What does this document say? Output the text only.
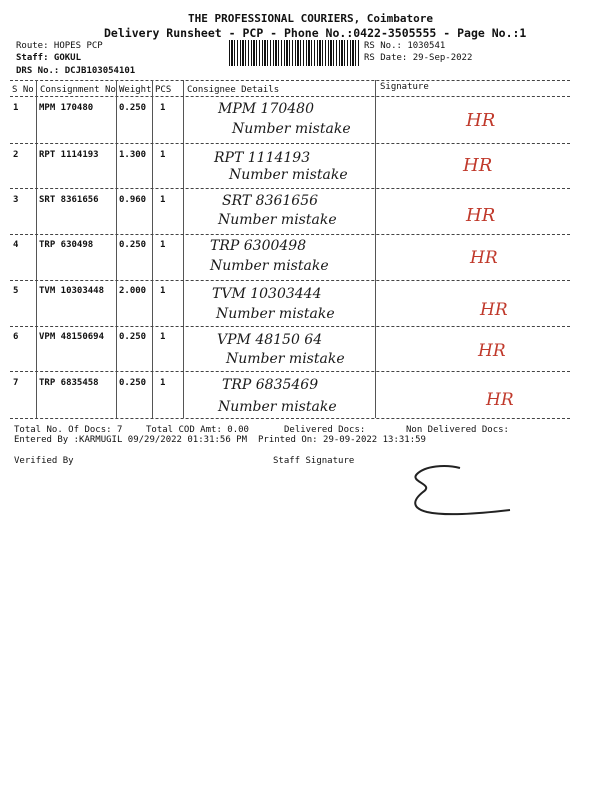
THE PROFESSIONAL COURIERS, Coimbatore
Delivery Runsheet - PCP - Phone No.:0422-3505555 - Page No.:1
Route: HOPES PCP
Staff: GOKUL
DRS No.: DCJB103054101
RS No.: 1030541
RS Date: 29-Sep-2022
S No Consignment No Weight PCS Consignee Details	Signature
1 MPM 170480	0.250 1	MPM 170480
Number mistake	HR
2 RPT 1114193 1.300 1	RPT 1114193
Number mistake	HR
3 SRT 8361656 0.960 1	SRT 8361656
Number mistake	HR
4 TRP 630498	0.250 1	TRP 6300498
Number mistake	HR
5 TVM 10303448 2.000 1	TVM 10303444
Number mistake	HR
6 VPM 48150694 0.250 1	VPM 48150 64
Number mistake	HR
7 TRP 6835458 0.250 1	TRP 6835469
Number mistake	HR
Total No. Of Docs: 7	Total COD Amt: 0.00	Delivered Docs:	Non Delivered Docs:
Entered By :KARMUGIL 09/29/2022 01:31:56 PM Printed On: 29-09-2022 13:31:59
Verified By	Staff Signature
